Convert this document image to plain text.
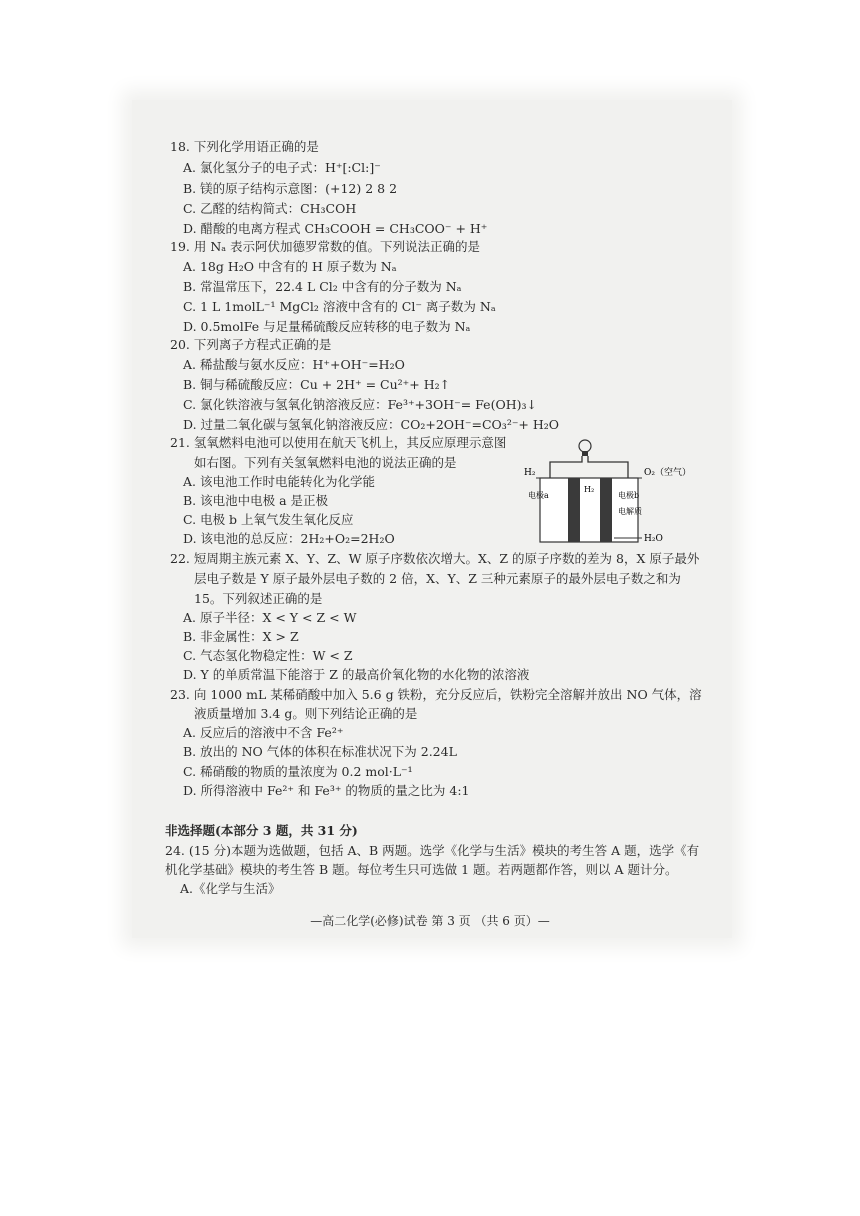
18. 下列化学用语正确的是
A. 氯化氢分子的电子式：H⁺[:Cl:]⁻
B. 镁的原子结构示意图：(+12) 2 8 2
C. 乙醛的结构简式：CH₃COH
D. 醋酸的电离方程式 CH₃COOH = CH₃COO⁻ + H⁺
19. 用 Nₐ 表示阿伏加德罗常数的值。下列说法正确的是
A. 18g H₂O 中含有的 H 原子数为 Nₐ
B. 常温常压下，22.4 L Cl₂ 中含有的分子数为 Nₐ
C. 1 L 1molL⁻¹ MgCl₂ 溶液中含有的 Cl⁻ 离子数为 Nₐ
D. 0.5molFe 与足量稀硫酸反应转移的电子数为 Nₐ
20. 下列离子方程式正确的是
A. 稀盐酸与氨水反应：H⁺+OH⁻=H₂O
B. 铜与稀硫酸反应：Cu + 2H⁺ = Cu²⁺+ H₂↑
C. 氯化铁溶液与氢氧化钠溶液反应：Fe³⁺+3OH⁻= Fe(OH)₃↓
D. 过量二氧化碳与氢氧化钠溶液反应：CO₂+2OH⁻=CO₃²⁻+ H₂O
21. 氢氧燃料电池可以使用在航天飞机上，其反应原理示意图
如右图。下列有关氢氧燃料电池的说法正确的是
A. 该电池工作时电能转化为化学能
B. 该电池中电极 a 是正极
C. 电极 b 上氧气发生氧化反应
D. 该电池的总反应：2H₂+O₂=2H₂O
H₂	O₂（空气）
电极a
H₂
电极b
电解质
H₂O
22. 短周期主族元素 X、Y、Z、W 原子序数依次增大。X、Z 的原子序数的差为 8，X 原子最外
层电子数是 Y 原子最外层电子数的 2 倍，X、Y、Z 三种元素原子的最外层电子数之和为
15。下列叙述正确的是
A. 原子半径：X < Y < Z < W
B. 非金属性：X > Z
C. 气态氢化物稳定性：W < Z
D. Y 的单质常温下能溶于 Z 的最高价氧化物的水化物的浓溶液
23. 向 1000 mL 某稀硝酸中加入 5.6 g 铁粉，充分反应后，铁粉完全溶解并放出 NO 气体，溶
液质量增加 3.4 g。则下列结论正确的是
A. 反应后的溶液中不含 Fe²⁺
B. 放出的 NO 气体的体积在标准状况下为 2.24L
C. 稀硝酸的物质的量浓度为 0.2 mol·L⁻¹
D. 所得溶液中 Fe²⁺ 和 Fe³⁺ 的物质的量之比为 4:1
非选择题(本部分 3 题，共 31 分)
24. (15 分)本题为选做题，包括 A、B 两题。选学《化学与生活》模块的考生答 A 题，选学《有
机化学基础》模块的考生答 B 题。每位考生只可选做 1 题。若两题都作答，则以 A 题计分。
A.《化学与生活》
—高二化学(必修)试卷 第 3 页 （共 6 页）—
